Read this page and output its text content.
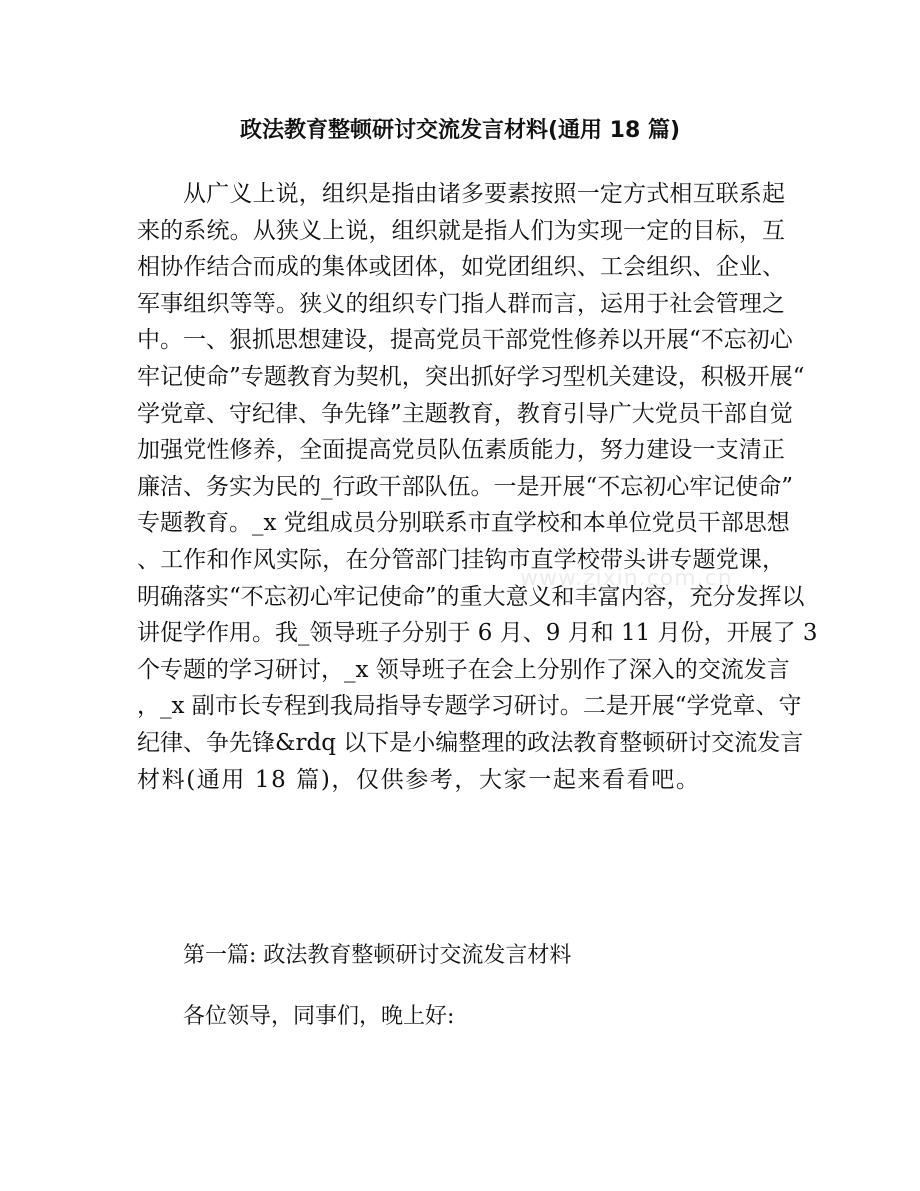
政法教育整顿研讨交流发言材料(通用 18 篇)
从广义上说，组织是指由诸多要素按照一定方式相互联系起
来的系统。从狭义上说，组织就是指人们为实现一定的目标，互
相协作结合而成的集体或团体，如党团组织、工会组织、企业、
军事组织等等。狭义的组织专门指人群而言，运用于社会管理之
中。一、狠抓思想建设，提高党员干部党性修养以开展“不忘初心
牢记使命”专题教育为契机，突出抓好学习型机关建设，积极开展“
学党章、守纪律、争先锋”主题教育，教育引导广大党员干部自觉
加强党性修养，全面提高党员队伍素质能力，努力建设一支清正
廉洁、务实为民的_行政干部队伍。一是开展“不忘初心牢记使命”
专题教育。_x 党组成员分别联系市直学校和本单位党员干部思想
、工作和作风实际，在分管部门挂钩市直学校带头讲专题党课，
明确落实“不忘初心牢记使命”的重大意义和丰富内容，充分发挥以
讲促学作用。我_领导班子分别于 6 月、9 月和 11 月份，开展了 3
个专题的学习研讨，_x 领导班子在会上分别作了深入的交流发言
，_x 副市长专程到我局指导专题学习研讨。二是开展“学党章、守
纪律、争先锋&rdq 以下是小编整理的政法教育整顿研讨交流发言
材料(通用 18 篇)，仅供参考，大家一起来看看吧。
www.zixin.com.cn
第一篇: 政法教育整顿研讨交流发言材料

各位领导，同事们，晚上好:
